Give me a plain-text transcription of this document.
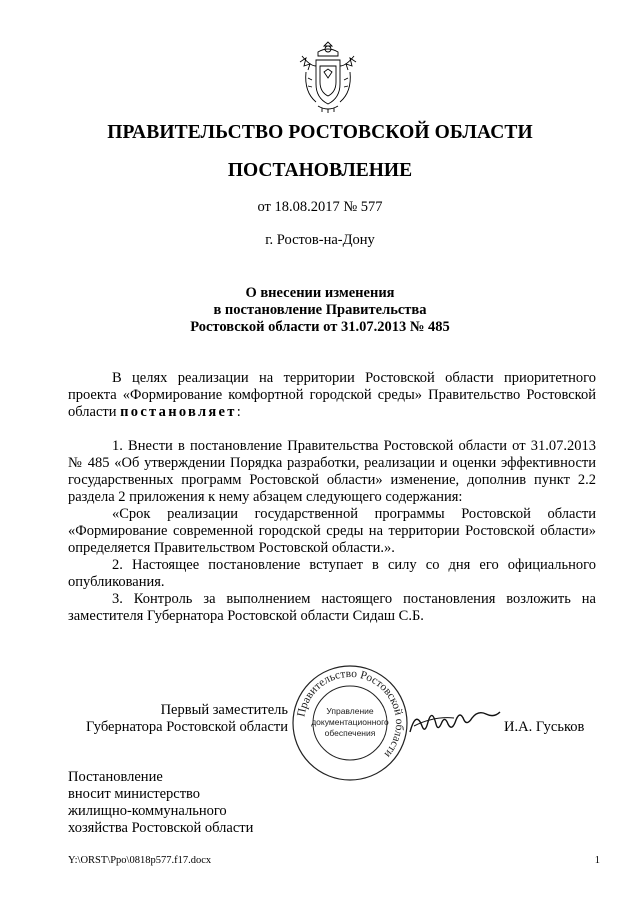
ПРАВИТЕЛЬСТВО РОСТОВСКОЙ ОБЛАСТИ
ПОСТАНОВЛЕНИЕ
от 18.08.2017 № 577
г. Ростов-на-Дону
О внесении изменения
в постановление Правительства
Ростовской области от 31.07.2013 № 485

В целях реализации на территории Ростовской области приоритетного проекта «Формирование комфортной городской среды» Правительство Ростовской области постановляет:

1. Внести в постановление Правительства Ростовской области от 31.07.2013 № 485 «Об утверждении Порядка разработки, реализации и оценки эффективности государственных программ Ростовской области» изменение, дополнив пункт 2.2 раздела 2 приложения к нему абзацем следующего содержания:

«Срок реализации государственной программы Ростовской области «Формирование современной городской среды на территории Ростовской области» определяется Правительством Ростовской области.».

2. Настоящее постановление вступает в силу со дня его официального опубликования.

3. Контроль за выполнением настоящего постановления возложить на заместителя Губернатора Ростовской области Сидаш С.Б.

Первый заместитель
Губернатора Ростовской области
Правительство Ростовской области
Управление
документационного
обеспечения	И.А. Гуськов
Постановление
вносит министерство
жилищно-коммунального
хозяйства Ростовской области
Y:\ORST\Ppo\0818p577.f17.docx	1
